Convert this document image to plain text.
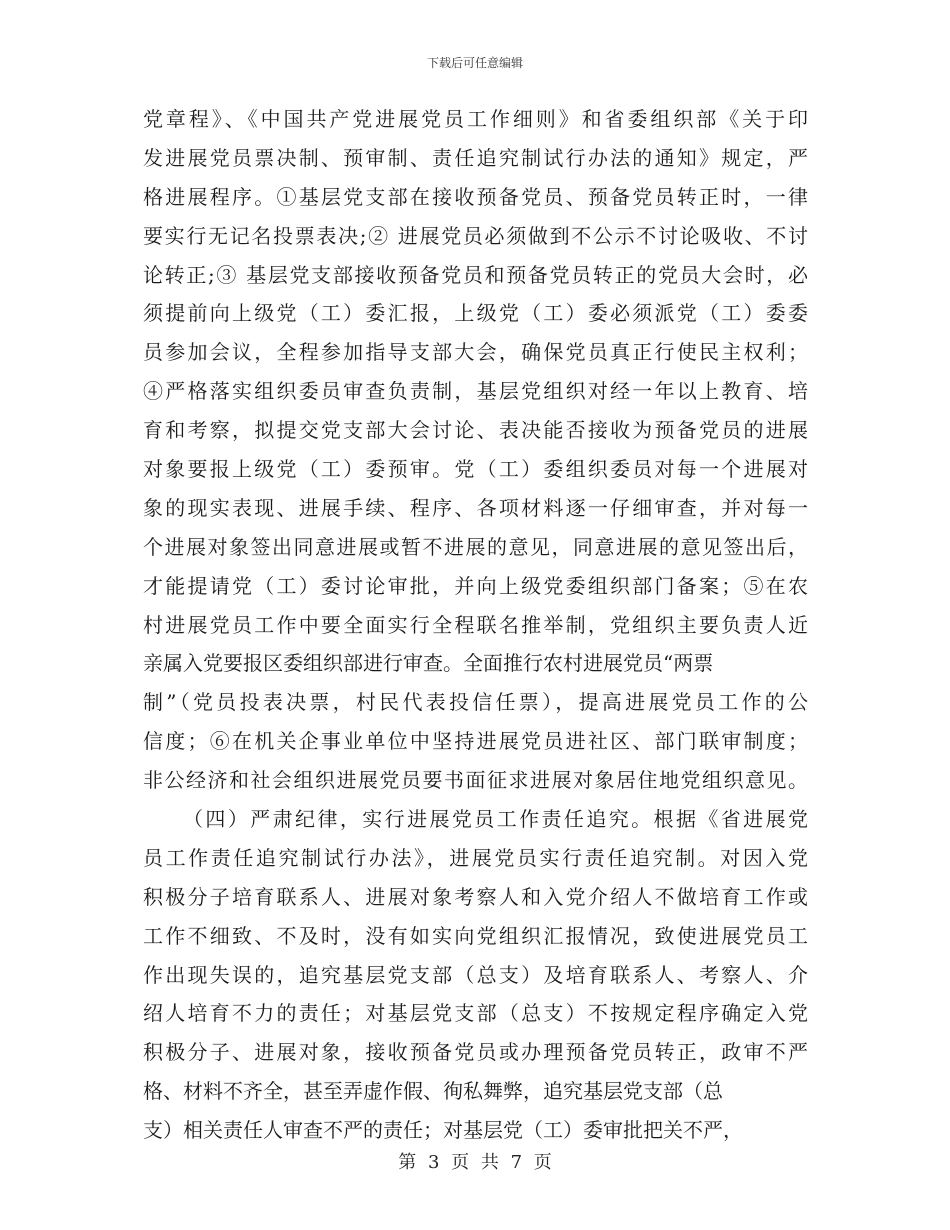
下载后可任意编辑
党章程》、《中国共产党进展党员工作细则》和省委组织部《关于印
发进展党员票决制、预审制、责任追究制试行办法的通知》规定，严
格进展程序。①基层党支部在接收预备党员、预备党员转正时，一律
要实行无记名投票表决;② 进展党员必须做到不公示不讨论吸收、不讨
论转正;③ 基层党支部接收预备党员和预备党员转正的党员大会时，必
须提前向上级党（工）委汇报，上级党（工）委必须派党（工）委委
员参加会议，全程参加指导支部大会，确保党员真正行使民主权利；
④严格落实组织委员审查负责制，基层党组织对经一年以上教育、培
育和考察，拟提交党支部大会讨论、表决能否接收为预备党员的进展
对象要报上级党（工）委预审。党（工）委组织委员对每一个进展对
象的现实表现、进展手续、程序、各项材料逐一仔细审查，并对每一
个进展对象签出同意进展或暂不进展的意见，同意进展的意见签出后，
才能提请党（工）委讨论审批，并向上级党委组织部门备案；⑤在农
村进展党员工作中要全面实行全程联名推举制，党组织主要负责人近
亲属入党要报区委组织部进行审查。全面推行农村进展党员“两票
制”（党员投表决票，村民代表投信任票），提高进展党员工作的公
信度；⑥在机关企事业单位中坚持进展党员进社区、部门联审制度；
非公经济和社会组织进展党员要书面征求进展对象居住地党组织意见。
（四）严肃纪律，实行进展党员工作责任追究。根据《省进展党
员工作责任追究制试行办法》，进展党员实行责任追究制。对因入党
积极分子培育联系人、进展对象考察人和入党介绍人不做培育工作或
工作不细致、不及时，没有如实向党组织汇报情况，致使进展党员工
作出现失误的，追究基层党支部（总支）及培育联系人、考察人、介
绍人培育不力的责任；对基层党支部（总支）不按规定程序确定入党
积极分子、进展对象，接收预备党员或办理预备党员转正，政审不严
格、材料不齐全，甚至弄虚作假、徇私舞弊，追究基层党支部（总
支）相关责任人审查不严的责任；对基层党（工）委审批把关不严，
第 3 页 共 7 页
